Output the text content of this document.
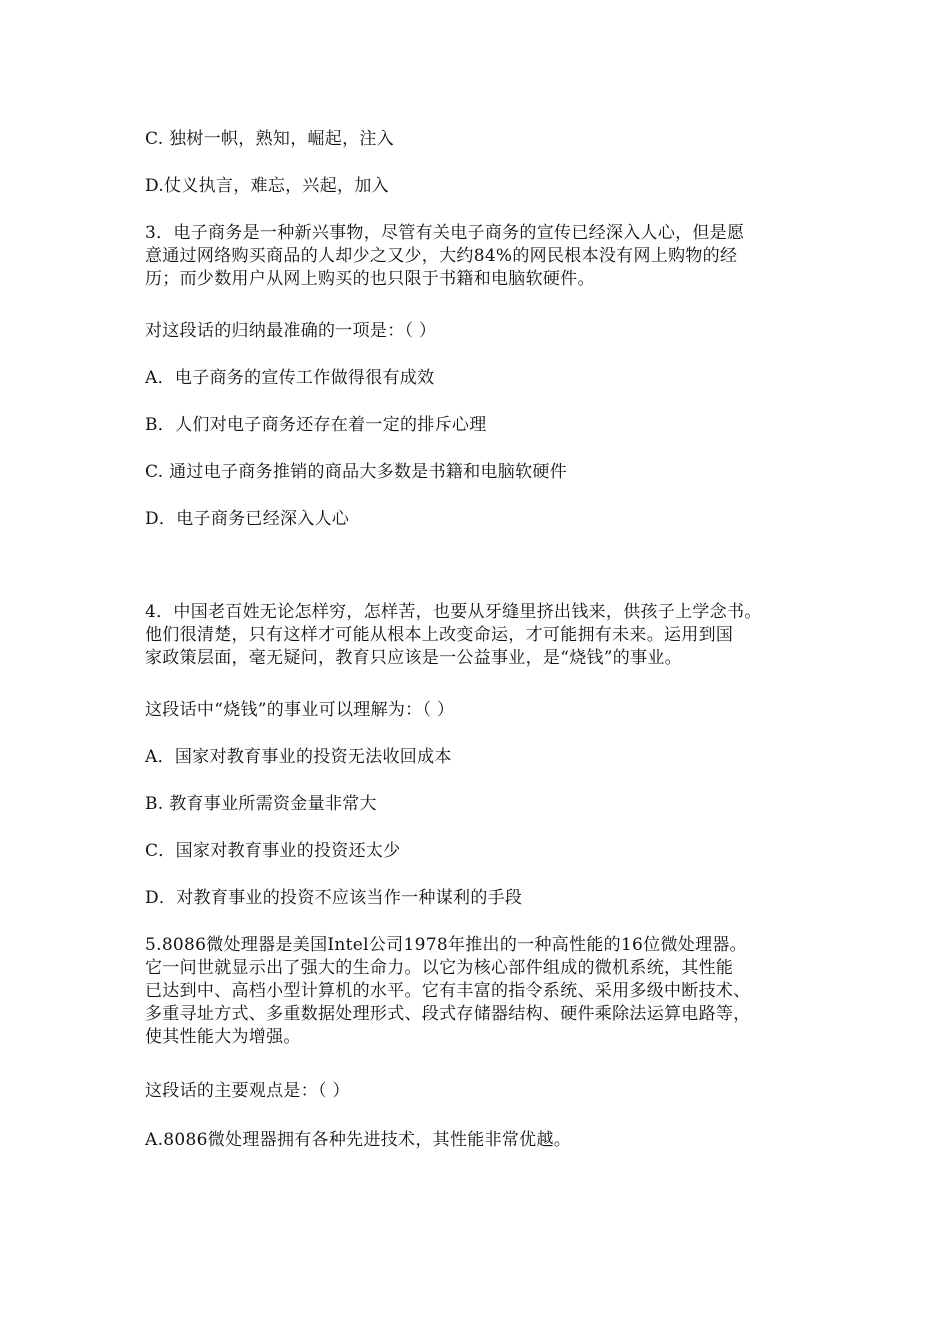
C. 独树一帜，熟知，崛起，注入
D.仗义执言，难忘，兴起，加入
3．电子商务是一种新兴事物，尽管有关电子商务的宣传已经深入人心，但是愿
意通过网络购买商品的人却少之又少，大约84%的网民根本没有网上购物的经
历；而少数用户从网上购买的也只限于书籍和电脑软硬件。
对这段话的归纳最准确的一项是：（ ）
A．电子商务的宣传工作做得很有成效
B．人们对电子商务还存在着一定的排斥心理
C. 通过电子商务推销的商品大多数是书籍和电脑软硬件
D．电子商务已经深入人心
4．中国老百姓无论怎样穷，怎样苦，也要从牙缝里挤出钱来，供孩子上学念书。
他们很清楚，只有这样才可能从根本上改变命运，才可能拥有未来。运用到国
家政策层面，毫无疑问，教育只应该是一公益事业，是“烧钱”的事业。
这段话中“烧钱”的事业可以理解为：（ ）
A．国家对教育事业的投资无法收回成本
B. 教育事业所需资金量非常大
C．国家对教育事业的投资还太少
D．对教育事业的投资不应该当作一种谋利的手段
5.8086微处理器是美国Intel公司1978年推出的一种高性能的16位微处理器。
它一问世就显示出了强大的生命力。以它为核心部件组成的微机系统，其性能
已达到中、高档小型计算机的水平。它有丰富的指令系统、采用多级中断技术、
多重寻址方式、多重数据处理形式、段式存储器结构、硬件乘除法运算电路等，
使其性能大为增强。
这段话的主要观点是：（ ）
A.8086微处理器拥有各种先进技术，其性能非常优越。
